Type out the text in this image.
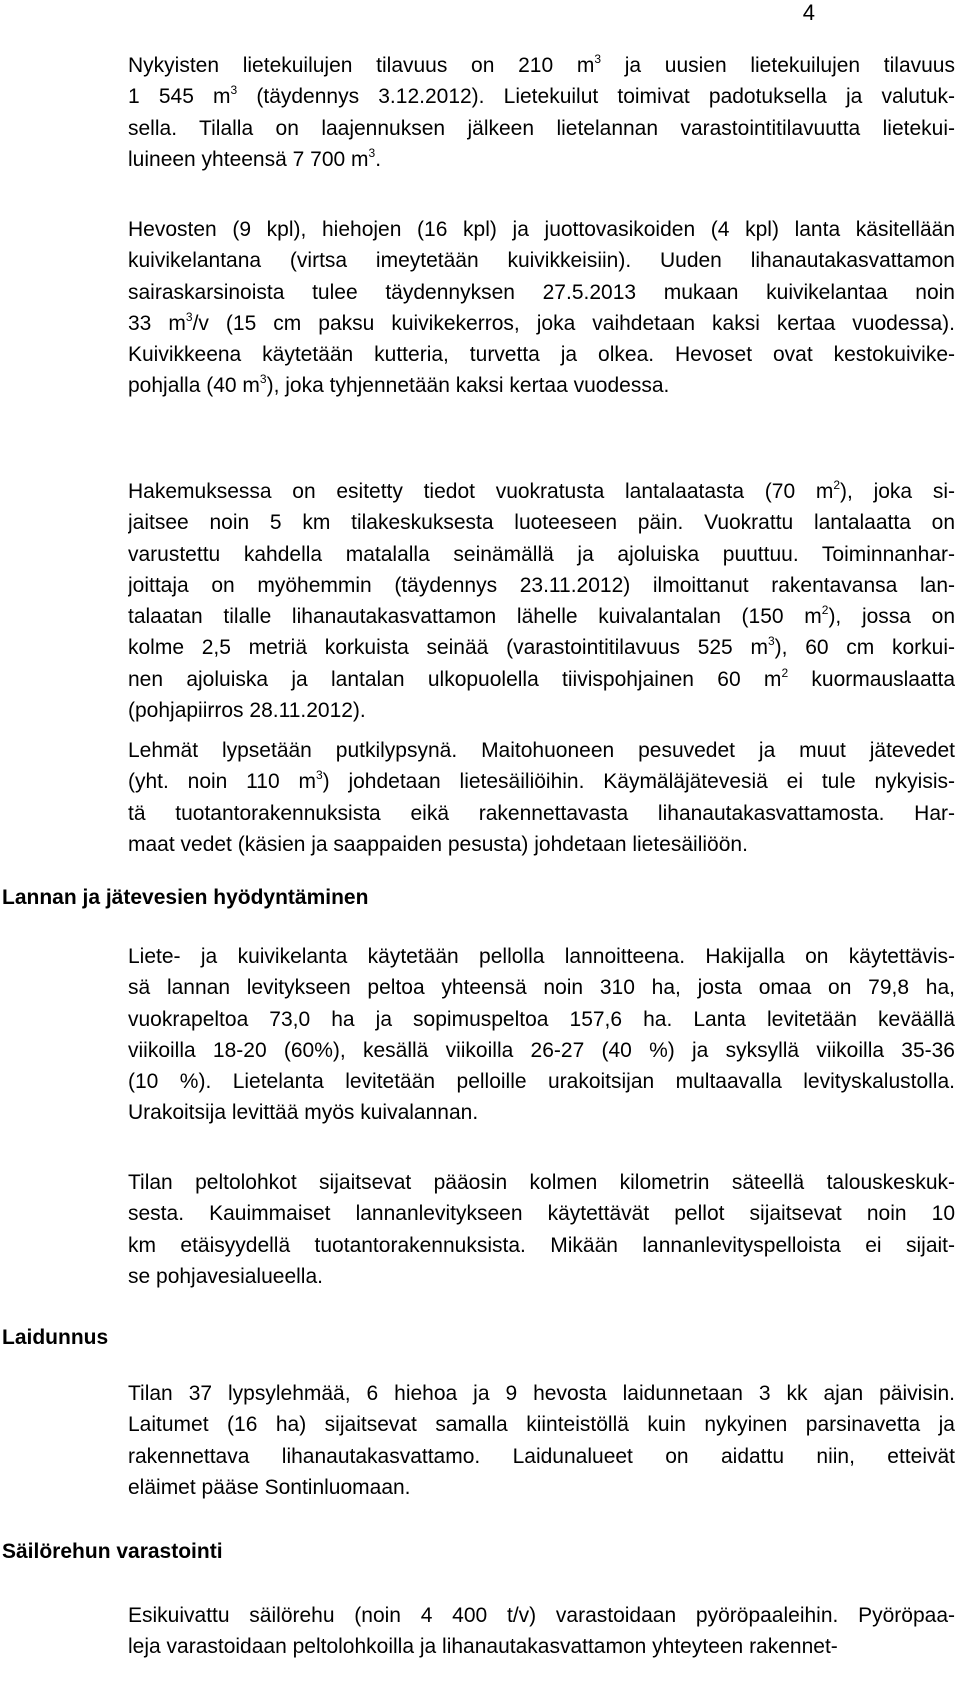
4
Nykyisten lietekuilujen tilavuus on 210 $m^3$ ja uusien lietekuilujen tilavuus
1 545 $m^3$ (täydennys 3.12.2012). Lietekuilut toimivat padotuksella ja valutuk-
sella. Tilalla on laajennuksen jälkeen lietelannan varastointitilavuutta lietekui-
luineen yhteensä 7 700 $m^3$.
Hevosten (9 kpl), hiehojen (16 kpl) ja juottovasikoiden (4 kpl) lanta käsitellään
kuivikelantana (virtsa imeytetään kuivikkeisiin). Uuden lihanautakasvattamon
sairaskarsinoista tulee täydennyksen 27.5.2013 mukaan kuivikelantaa noin
33 $m^3/v$ (15 cm paksu kuivikekerros, joka vaihdetaan kaksi kertaa vuodessa).
Kuivikkeena käytetään kutteria, turvetta ja olkea. Hevoset ovat kestokuivike-
pohjalla (40 $m^3$), joka tyhjennetään kaksi kertaa vuodessa.
Hakemuksessa on esitetty tiedot vuokratusta lantalaatasta (70 $m^2$), joka si-
jaitsee noin 5 km tilakeskuksesta luoteeseen päin. Vuokrattu lantalaatta on
varustettu kahdella matalalla seinämällä ja ajoluiska puuttuu. Toiminnanhar-
joittaja on myöhemmin (täydennys 23.11.2012) ilmoittanut rakentavansa lan-
talaatan tilalle lihanautakasvattamon lähelle kuivalantalan (150 $m^2$), jossa on
kolme 2,5 metriä korkuista seinää (varastointitilavuus 525 $m^3$), 60 cm korkui-
nen ajoluiska ja lantalan ulkopuolella tiivispohjainen 60 $m^2$ kuormauslaatta
(pohjapiirros 28.11.2012).
Lehmät lypsetään putkilypsynä. Maitohuoneen pesuvedet ja muut jätevedet
(yht. noin 110 $m^3$) johdetaan lietesäiliöihin. Käymäläjätevesiä ei tule nykyisis-
tä tuotantorakennuksista eikä rakennettavasta lihanautakasvattamosta. Har-
maat vedet (käsien ja saappaiden pesusta) johdetaan lietesäiliöön.
Lannan ja jätevesien hyödyntäminen
Liete- ja kuivikelanta käytetään pellolla lannoitteena. Hakijalla on käytettävis-
sä lannan levitykseen peltoa yhteensä noin 310 ha, josta omaa on 79,8 ha,
vuokrapeltoa 73,0 ha ja sopimuspeltoa 157,6 ha. Lanta levitetään keväällä
viikoilla 18-20 (60%), kesällä viikoilla 26-27 (40 %) ja syksyllä viikoilla 35-36
(10 %). Lietelanta levitetään pelloille urakoitsijan multaavalla levityskalustolla.
Urakoitsija levittää myös kuivalannan.
Tilan peltolohkot sijaitsevat pääosin kolmen kilometrin säteellä talouskeskuk-
sesta. Kauimmaiset lannanlevitykseen käytettävät pellot sijaitsevat noin 10
km etäisyydellä tuotantorakennuksista. Mikään lannanlevityspelloista ei sijait-
se pohjavesialueella.
Laidunnus
Tilan 37 lypsylehmää, 6 hiehoa ja 9 hevosta laidunnetaan 3 kk ajan päivisin.
Laitumet (16 ha) sijaitsevat samalla kiinteistöllä kuin nykyinen parsinavetta ja
rakennettava lihanautakasvattamo. Laidunalueet on aidattu niin, etteivät
eläimet pääse Sontinluomaan.
Säilörehun varastointi
Esikuivattu säilörehu (noin 4 400 t/v) varastoidaan pyöröpaaleihin. Pyöröpaa-
leja varastoidaan peltolohkoilla ja lihanautakasvattamon yhteyteen rakennet-
